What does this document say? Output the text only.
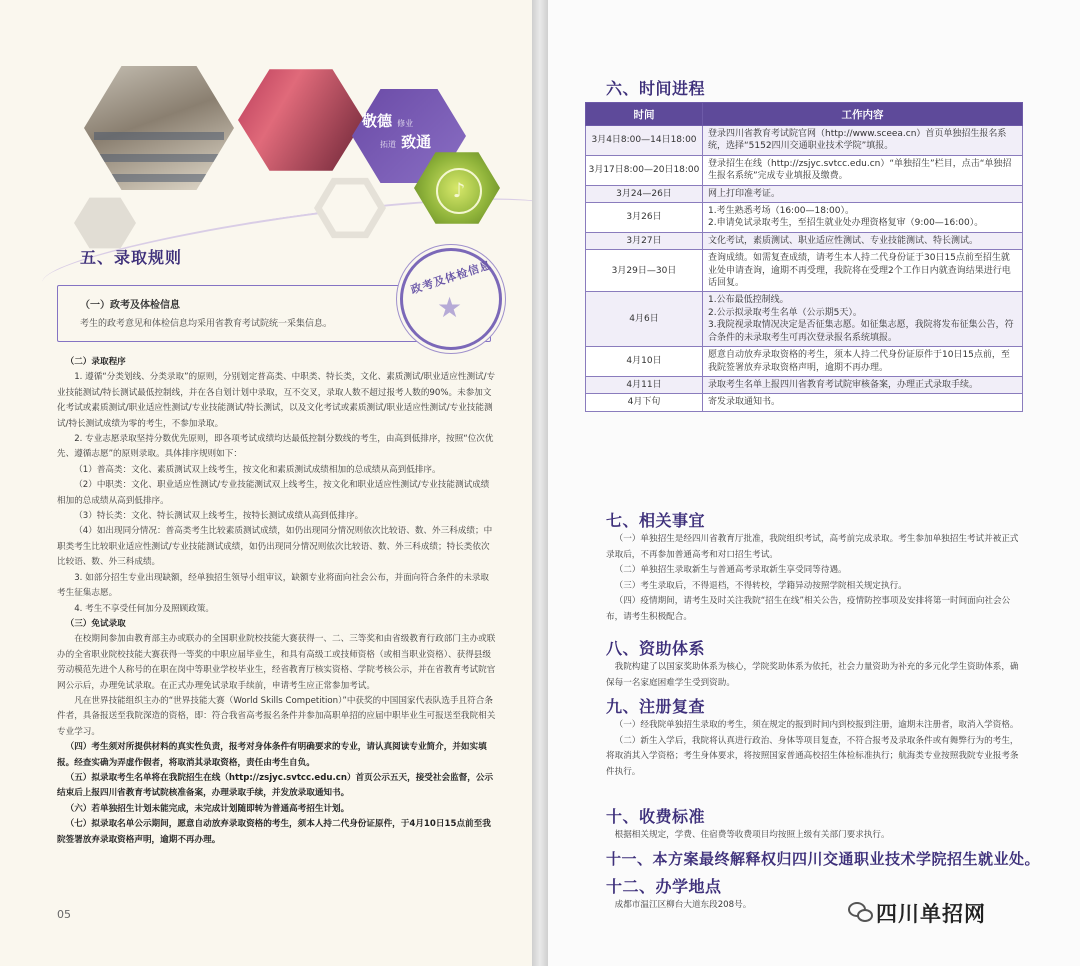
敬德 修业
拓道 致通
♪
五、录取规则
（一）政考及体检信息
考生的政考意见和体检信息均采用省教育考试院统一采集信息。
政考及体检信息
★

（二）录取程序

1. 遵循“分类划线、分类录取”的原则，分别划定普高类、中职类、特长类，文化、素质测试/职业适应性测试/专业技能测试/特长测试最低控制线，并在各自划计划中录取，互不交叉，录取人数不超过报考人数的90%。未参加文化考试或素质测试/职业适应性测试/专业技能测试/特长测试，以及文化考试或素质测试/职业适应性测试/专业技能测试/特长测试成绩为零的考生，不参加录取。

2. 专业志愿录取坚持分数优先原则，即各项考试成绩均达最低控制分数线的考生，由高到低排序，按照“位次优先、遵循志愿”的原则录取。具体排序规则如下：

（1）普高类：文化、素质测试双上线考生，按文化和素质测试成绩相加的总成绩从高到低排序。

（2）中职类：文化、职业适应性测试/专业技能测试双上线考生，按文化和职业适应性测试/专业技能测试成绩相加的总成绩从高到低排序。

（3）特长类：文化、特长测试双上线考生，按特长测试成绩从高到低排序。

（4）如出现同分情况：普高类考生比较素质测试成绩，如仍出现同分情况则依次比较语、数、外三科成绩；中职类考生比较职业适应性测试/专业技能测试成绩，如仍出现同分情况则依次比较语、数、外三科成绩；特长类依次比较语、数、外三科成绩。

3. 如部分招生专业出现缺额，经单独招生领导小组审议，缺额专业将面向社会公布，并面向符合条件的未录取考生征集志愿。

4. 考生不享受任何加分及照顾政策。

（三）免试录取

在校期间参加由教育部主办或联办的全国职业院校技能大赛获得一、二、三等奖和由省级教育行政部门主办或联办的全省职业院校技能大赛获得一等奖的中职应届毕业生，和具有高级工或技师资格（或相当职业资格）、获得县级劳动模范先进个人称号的在职在岗中等职业学校毕业生，经省教育厅核实资格、学院考核公示，并在省教育考试院官网公示后，办理免试录取。在正式办理免试录取手续前，申请考生应正常参加考试。

凡在世界技能组织主办的“世界技能大赛（World Skills Competition）”中获奖的中国国家代表队选手且符合条件者，具备报送至我院深造的资格，即：符合我省高考报名条件并参加高职单招的应届中职毕业生可报送至我院相关专业学习。

（四）考生须对所提供材料的真实性负责，报考对身体条件有明确要求的专业，请认真阅读专业简介，并如实填报。经查实确为弄虚作假者，将取消其录取资格，责任由考生自负。

（五）拟录取考生名单将在我院招生在线（http://zsjyc.svtcc.edu.cn）首页公示五天，接受社会监督，公示结束后上报四川省教育考试院核准备案，办理录取手续，并发放录取通知书。

（六）若单独招生计划未能完成，未完成计划随即转为普通高考招生计划。

（七）拟录取名单公示期间，愿意自动放弃录取资格的考生，须本人持二代身份证原件，于4月10日15点前至我院签署放弃录取资格声明，逾期不再办理。

05
六、时间进程
时间	工作内容
3月4日8:00—14日18:00	登录四川省教育考试院官网（http://www.sceea.cn）首页单独招生报名系统，选择“5152四川交通职业技术学院”填报。
3月17日8:00—20日18:00	登录招生在线（http://zsjyc.svtcc.edu.cn）“单独招生”栏目，点击“单独招生报名系统”完成专业填报及缴费。
3月24—26日	网上打印准考证。
3月26日	1.考生熟悉考场（16:00—18:00）。
2.申请免试录取考生，至招生就业处办理资格复审（9:00—16:00）。
3月27日	文化考试，素质测试、职业适应性测试、专业技能测试、特长测试。
3月29日—30日	查询成绩。如需复查成绩，请考生本人持二代身份证于30日15点前至招生就业处申请查询，逾期不再受理，我院将在受理2个工作日内就查询结果进行电话回复。
4月6日	1.公布最低控制线。
2.公示拟录取考生名单（公示期5天）。
3.我院视录取情况决定是否征集志愿。如征集志愿，我院将发布征集公告，符合条件的未录取考生可再次登录报名系统填报。
4月10日	愿意自动放弃录取资格的考生，须本人持二代身份证原件于10日15点前，至我院签署放弃录取资格声明，逾期不再办理。
4月11日	录取考生名单上报四川省教育考试院审核备案，办理正式录取手续。
4月下旬	寄发录取通知书。
七、相关事宜

（一）单独招生是经四川省教育厅批准，我院组织考试，高考前完成录取。考生参加单独招生考试并被正式录取后，不再参加普通高考和对口招生考试。

（二）单独招生录取新生与普通高考录取新生享受同等待遇。

（三）考生录取后，不得退档，不得转校，学籍异动按照学院相关规定执行。

（四）疫情期间，请考生及时关注我院“招生在线”相关公告，疫情防控事项及安排将第一时间面向社会公布，请考生积极配合。

八、资助体系

我院构建了以国家奖助体系为核心，学院奖助体系为依托，社会力量资助为补充的多元化学生资助体系，确保每一名家庭困难学生受到资助。

九、注册复查

（一）经我院单独招生录取的考生，须在规定的报到时间内到校报到注册，逾期未注册者，取消入学资格。

（二）新生入学后，我院将认真进行政治、身体等项目复查，不符合报考及录取条件或有舞弊行为的考生，将取消其入学资格；考生身体要求，将按照国家普通高校招生体检标准执行；航海类专业按照我院专业报考条件执行。

十、收费标准

根据相关规定，学费、住宿费等收费项目均按照上级有关部门要求执行。

十一、本方案最终解释权归四川交通职业技术学院招生就业处。
十二、办学地点

成都市温江区柳台大道东段208号。	四川单招网
